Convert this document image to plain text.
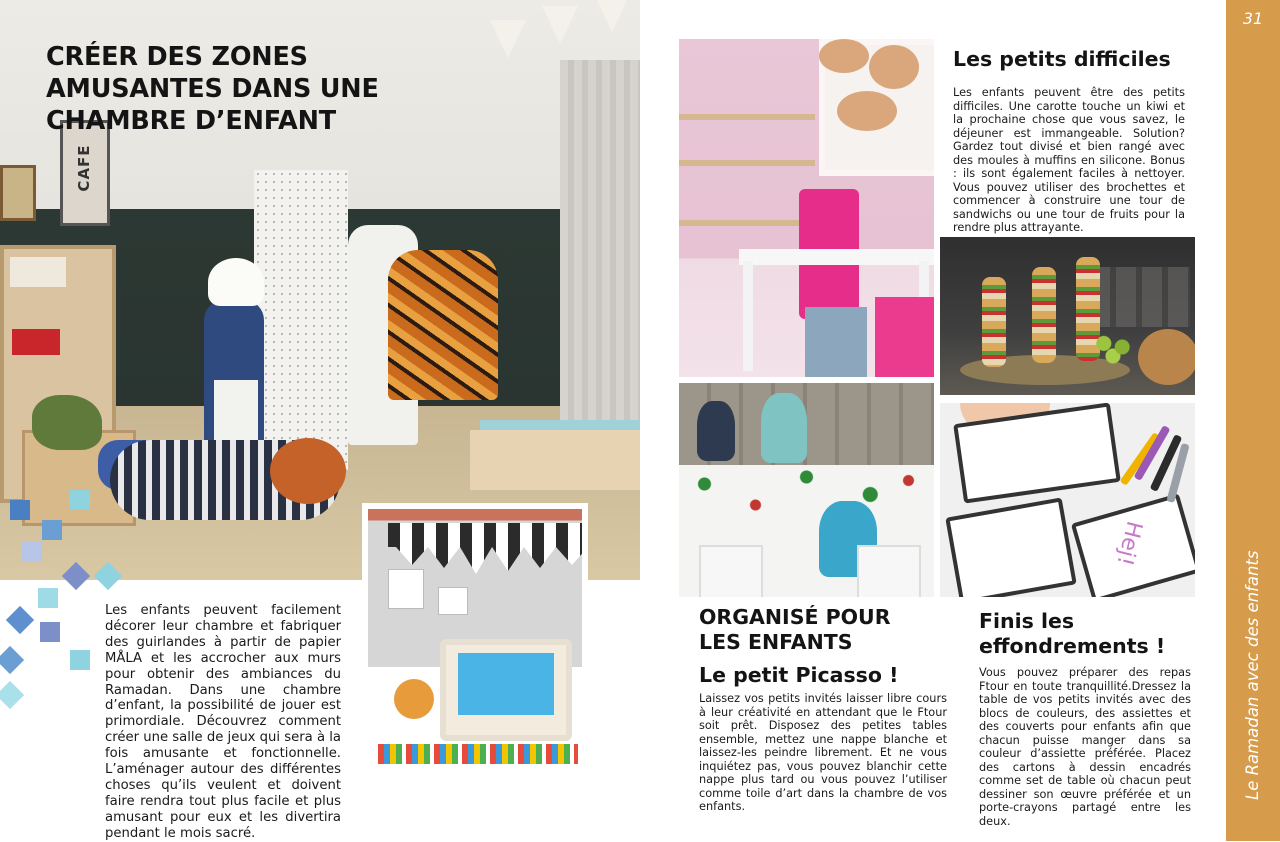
CAFE
CRÉER DES ZONES AMUSANTES DANS UNE CHAMBRE D’ENFANT
Les enfants peuvent facilement décorer leur chambre et fabriquer des guirlandes à partir de papier MÅLA et les accrocher aux murs pour obtenir des ambiances du Ramadan. Dans une chambre d’enfant, la possibilité de jouer est primordiale. Découvrez comment créer une salle de jeux qui sera à la fois amusante et fonctionnelle. L’aménager autour des différentes choses qu’ils veulent et doivent faire rendra tout plus facile et plus amusant pour eux et les divertira pendant le mois sacré.
Les petits difficiles
Les enfants peuvent être des petits difficiles. Une carotte touche un kiwi et la prochaine chose que vous savez, le déjeuner est immangeable. Solution? Gardez tout divisé et bien rangé avec des moules à muffins en silicone. Bonus : ils sont également faciles à nettoyer. Vous pouvez utiliser des brochettes et commencer à construire une tour de sandwichs ou une tour de fruits pour la rendre plus attrayante.
Hej!
ORGANISÉ POUR LES ENFANTS
Le petit Picasso !
Laissez vos petits invités laisser libre cours à leur créativité en attendant que le Ftour soit prêt. Disposez des petites tables ensemble, mettez une nappe blanche et laissez-les peindre librement. Et ne vous inquiétez pas, vous pouvez blanchir cette nappe plus tard ou vous pouvez l’utiliser comme toile d’art dans la chambre de vos enfants.
Finis les effondrements !
Vous pouvez préparer des repas Ftour en toute tranquillité.Dressez la table de vos petits invités avec des blocs de couleurs, des assiettes et des couverts pour enfants afin que chacun puisse manger dans sa couleur d’assiette préférée. Placez des cartons à dessin encadrés comme set de table où chacun peut dessiner son œuvre préférée et un porte-crayons partagé entre les deux.
31
Le Ramadan avec des enfants
